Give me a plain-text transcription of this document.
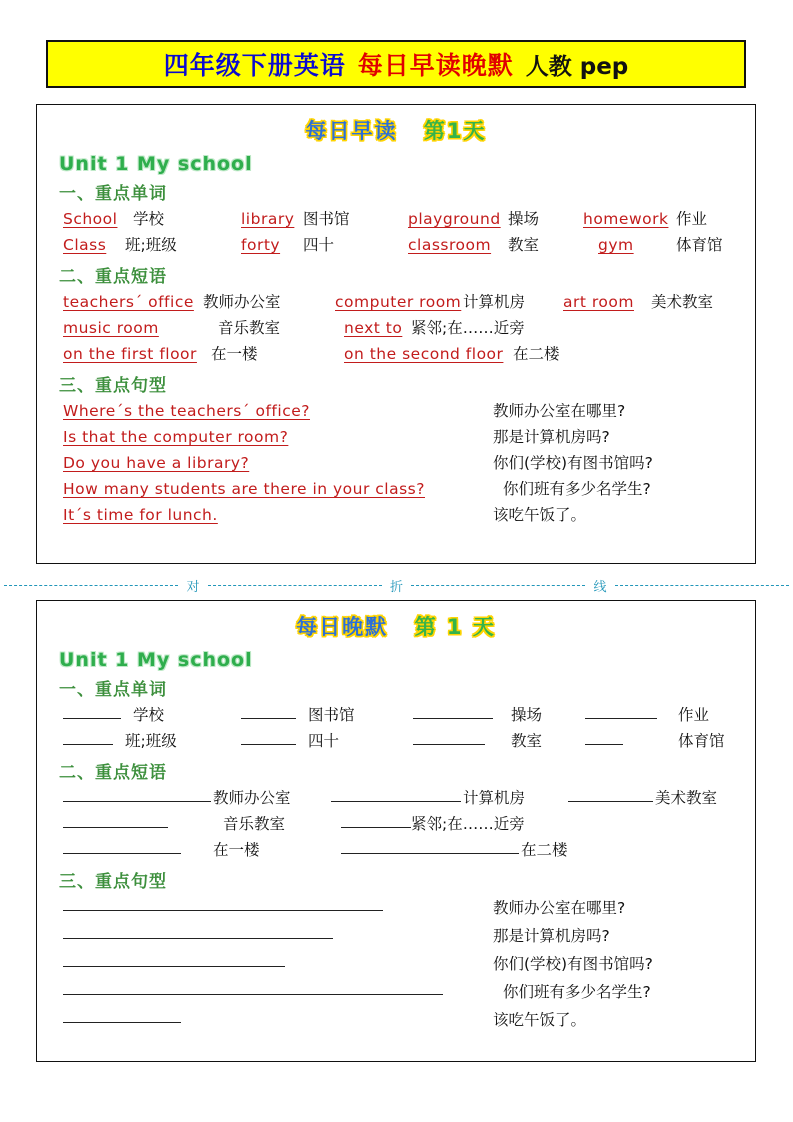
四年级下册英语 每日早读晚默 人教 pep
每日早读 第1天
Unit 1 My school
一、重点单词
School 学校	library 图书馆	playground 操场	homework 作业
Class 班;班级	forty 四十	classroom 教室	gym	体育馆
二、重点短语
teachers´ office 教师办公室	computer room 计算机房 art room 美术教室
music room	音乐教室	next to 紧邻;在……近旁
on the first floor 在一楼	on the second floor 在二楼
三、重点句型
Where´s the teachers´ office?	教师办公室在哪里?
Is that the computer room?	那是计算机房吗?
Do you have a library?	你们(学校)有图书馆吗?
How many students are there in your class?	你们班有多少名学生?
It´s time for lunch.	该吃午饭了。
对	折	线
每日晚默 第 1 天
Unit 1 My school
一、重点单词
学校	图书馆	操场	作业
班;班级	四十	教室	体育馆
二、重点短语
教师办公室	计算机房	美术教室
音乐教室	紧邻;在……近旁
在一楼	在二楼
三、重点句型
教师办公室在哪里?
那是计算机房吗?
你们(学校)有图书馆吗?
你们班有多少名学生?
该吃午饭了。
